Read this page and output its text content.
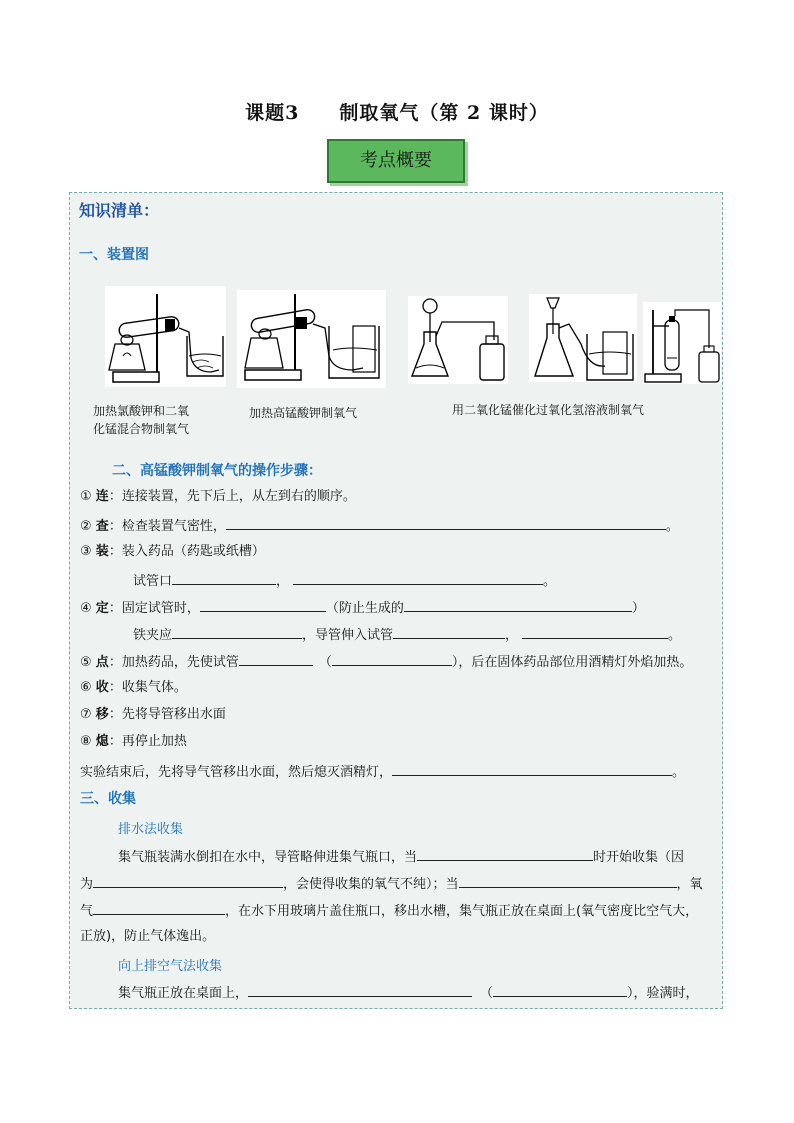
课题3　　制取氧气（第 2 课时）
考点概要
知识清单：
一、装置图
加热氯酸钾和二氧
化锰混合物制氧气
加热高锰酸钾制氧气	用二氧化锰催化过氧化氢溶液制氧气
二、高锰酸钾制氧气的操作步骤：
① 连：连接装置，先下后上，从左到右的顺序。
② 查：检查装置气密性，	。
③ 装：装入药品（药匙或纸槽）
试管口	，	。
④ 定：固定试管时，	（防止生成的	）
铁夹应	，导管伸入试管	，	。
⑤ 点：加热药品，先使试管	（	），后在固体药品部位用酒精灯外焰加热。
⑥ 收：收集气体。
⑦ 移：先将导管移出水面
⑧ 熄：再停止加热
实验结束后，先将导气管移出水面，然后熄灭酒精灯，	。
三、收集
排水法收集
集气瓶装满水倒扣在水中，导管略伸进集气瓶口，当	时开始收集（因
为	，会使得收集的氧气不纯）；当	，氧
气	，在水下用玻璃片盖住瓶口，移出水槽，集气瓶正放在桌面上(氧气密度比空气大，
正放)，防止气体逸出。
向上排空气法收集
集气瓶正放在桌面上，	（	），验满时，
